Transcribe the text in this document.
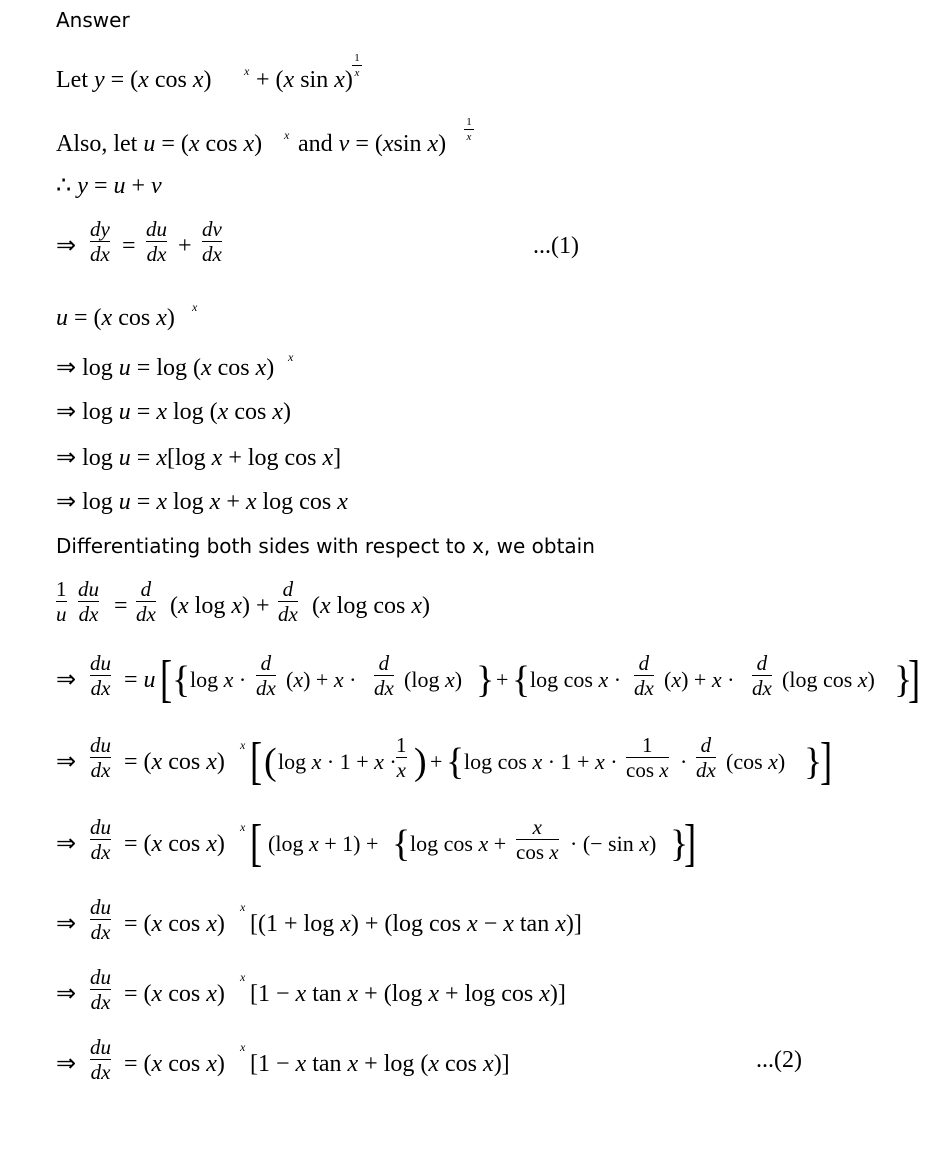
Answer
Let y = (x cos x)	x + (x sin x)
1
x
Also, let u = (x cos x) x and v = (xsin x)
1
x
∴ y = u + v
⇒
dy
dx =
du
dx +
dv
dx	...(1)
u = (x cos x) x
⇒ log u = log (x cos x) x
⇒ log u = x log (x cos x)
⇒ log u = x[log x + log cos x]
⇒ log u = x log x + x log cos x
Differentiating both sides with respect to x, we obtain
1
u
du
dx =
d
dx (x log x) +
d
dx (x log cos x)
⇒
du
dx = u [ { log x ·
d
dx (x) + x ·
d
dx (log x) } + { log cos x ·
d
dx (x) + x ·
d
dx (log cos x) }
]
⇒
du
dx = (x cos x)
x [ ( log x · 1 + x ·
1
x ) + { log cos x · 1 + x ·
1
cos x ·
d
dx (cos x) }
]
⇒
du
dx = (x cos x)
x [ (log x + 1) + { log cos x +
x
cos x · (− sin x) }
]
⇒
du
dx = (x cos x)
x
[(1 + log x) + (log cos x − x tan x)]
⇒
du
dx = (x cos x)
x
[1 − x tan x + (log x + log cos x)]
⇒
du
dx = (x cos x)
x
[1 − x tan x + log (x cos x)]	...(2)
